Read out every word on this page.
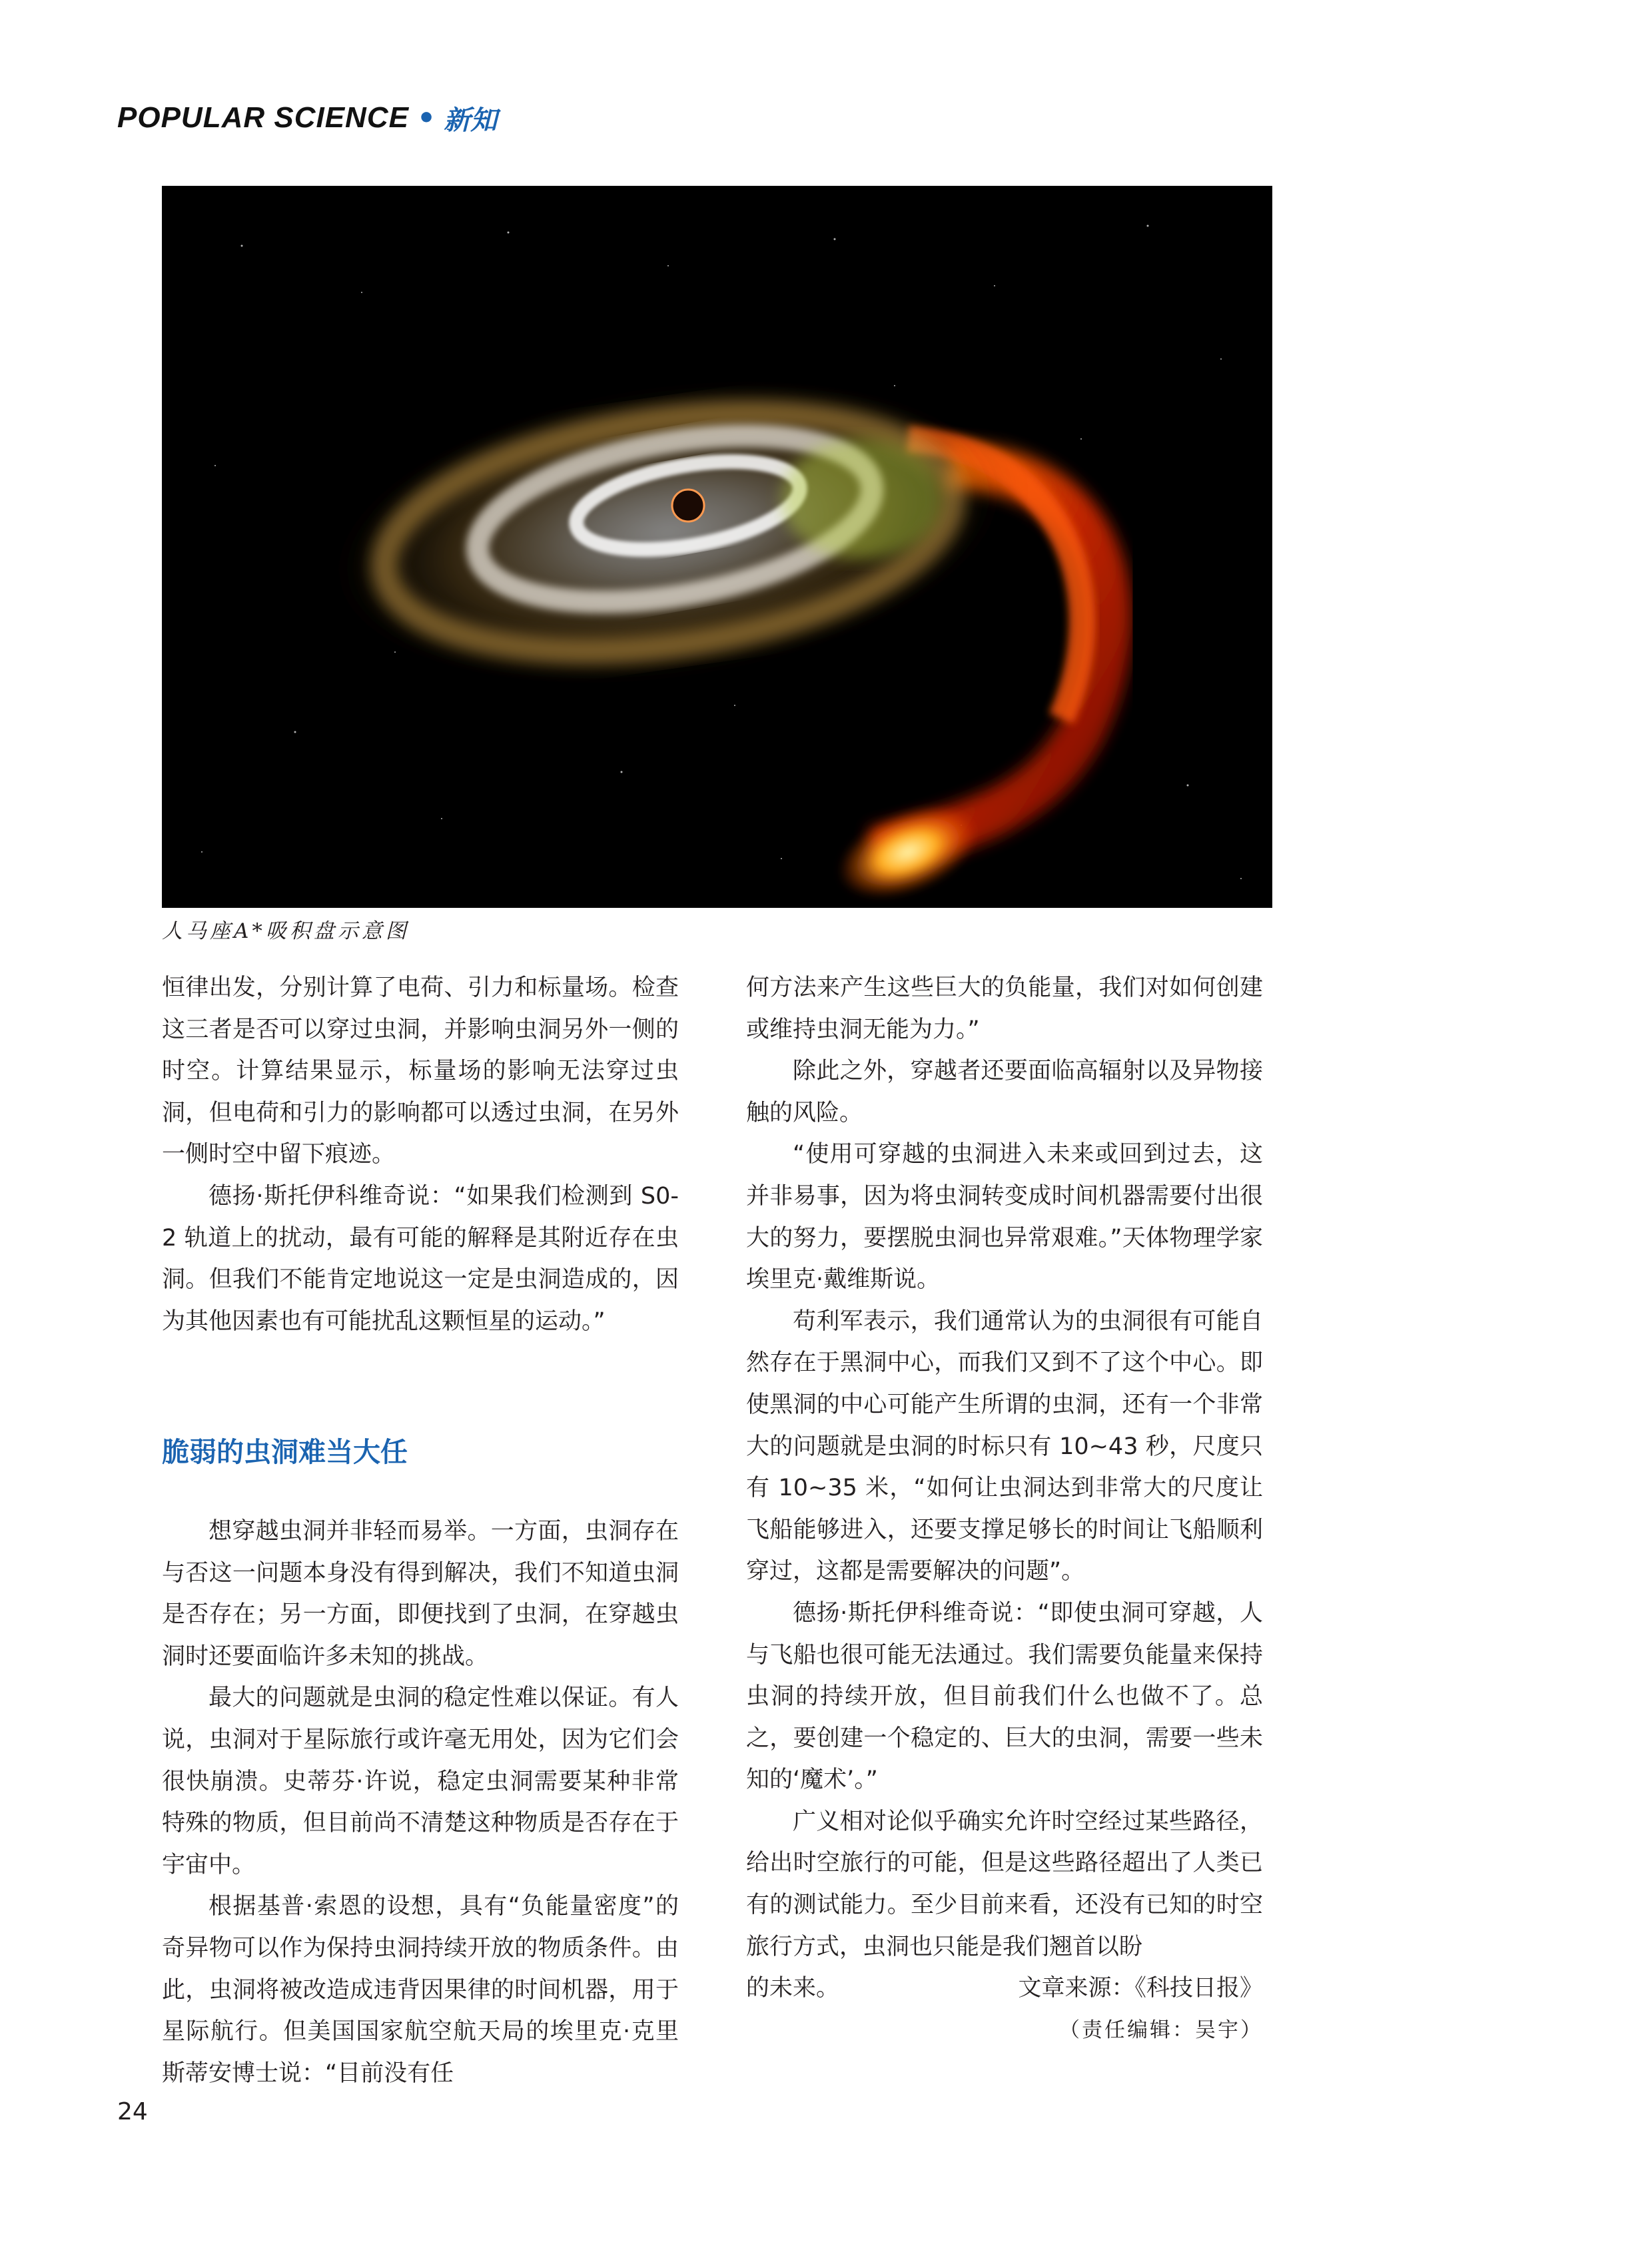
POPULAR SCIENCE • 新知
人马座A*吸积盘示意图

恒律出发，分别计算了电荷、引力和标量场。检查这三者是否可以穿过虫洞，并影响虫洞另外一侧的时空。计算结果显示，标量场的影响无法穿过虫洞，但电荷和引力的影响都可以透过虫洞，在另外一侧时空中留下痕迹。

德扬·斯托伊科维奇说：“如果我们检测到 S0-2 轨道上的扰动，最有可能的解释是其附近存在虫洞。但我们不能肯定地说这一定是虫洞造成的，因为其他因素也有可能扰乱这颗恒星的运动。”

脆弱的虫洞难当大任

想穿越虫洞并非轻而易举。一方面，虫洞存在与否这一问题本身没有得到解决，我们不知道虫洞是否存在；另一方面，即便找到了虫洞，在穿越虫洞时还要面临许多未知的挑战。

最大的问题就是虫洞的稳定性难以保证。有人说，虫洞对于星际旅行或许毫无用处，因为它们会很快崩溃。史蒂芬·许说，稳定虫洞需要某种非常特殊的物质，但目前尚不清楚这种物质是否存在于宇宙中。

根据基普·索恩的设想，具有“负能量密度”的奇异物可以作为保持虫洞持续开放的物质条件。由此，虫洞将被改造成违背因果律的时间机器，用于星际航行。但美国国家航空航天局的埃里克·克里斯蒂安博士说：“目前没有任

何方法来产生这些巨大的负能量，我们对如何创建或维持虫洞无能为力。”

除此之外，穿越者还要面临高辐射以及异物接触的风险。

“使用可穿越的虫洞进入未来或回到过去，这并非易事，因为将虫洞转变成时间机器需要付出很大的努力，要摆脱虫洞也异常艰难。”天体物理学家埃里克·戴维斯说。

苟利军表示，我们通常认为的虫洞很有可能自然存在于黑洞中心，而我们又到不了这个中心。即使黑洞的中心可能产生所谓的虫洞，还有一个非常大的问题就是虫洞的时标只有 10~43 秒，尺度只有 10~35 米，“如何让虫洞达到非常大的尺度让飞船能够进入，还要支撑足够长的时间让飞船顺利穿过，这都是需要解决的问题”。

德扬·斯托伊科维奇说：“即使虫洞可穿越，人与飞船也很可能无法通过。我们需要负能量来保持虫洞的持续开放，但目前我们什么也做不了。总之，要创建一个稳定的、巨大的虫洞，需要一些未知的‘魔术’。”

广义相对论似乎确实允许时空经过某些路径，给出时空旅行的可能，但是这些路径超出了人类已有的测试能力。至少目前来看，还没有已知的时空旅行方式，虫洞也只能是我们翘首以盼

的未来。	文章来源：《科技日报》

（责任编辑：吴宇）

24
